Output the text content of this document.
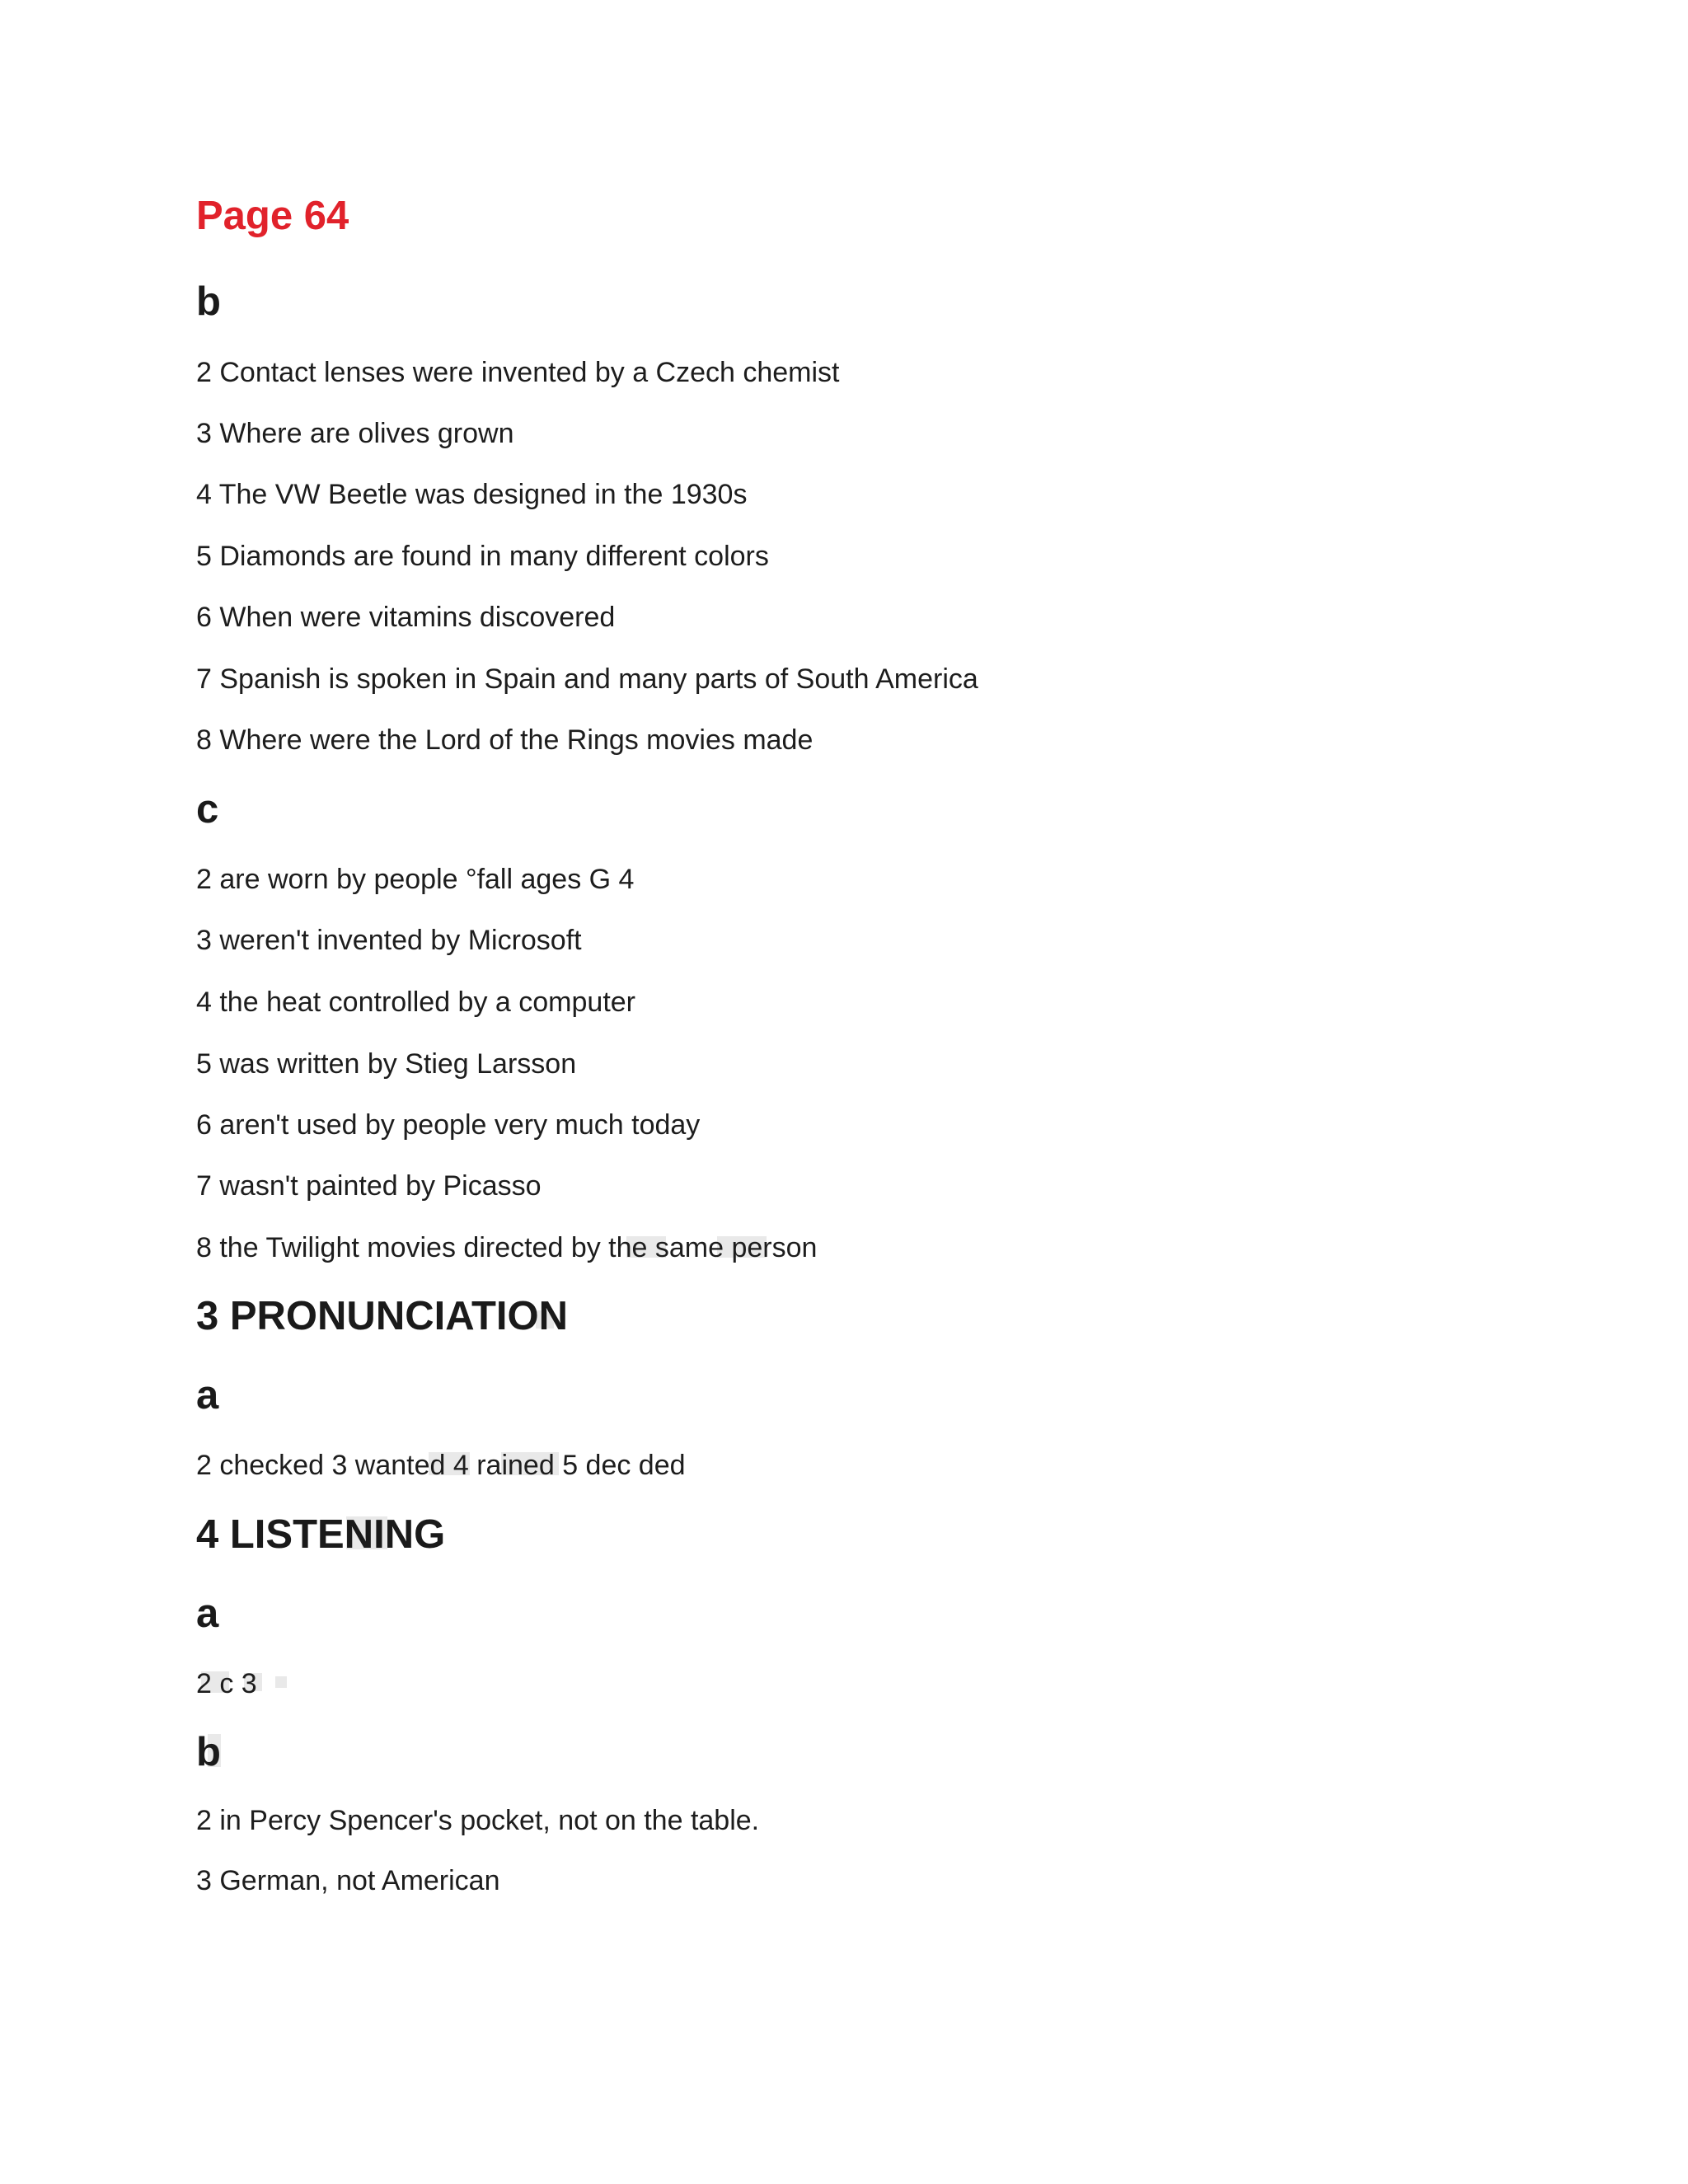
Page 64
b

2 Contact lenses were invented by a Czech chemist

3 Where are olives grown

4 The VW Beetle was designed in the 1930s

5 Diamonds are found in many different colors

6 When were vitamins discovered

7 Spanish is spoken in Spain and many parts of South America

8 Where were the Lord of the Rings movies made

c

2 are worn by people °fall ages G 4

3 weren't invented by Microsoft

4 the heat controlled by a computer

5 was written by Stieg Larsson

6 aren't used by people very much today

7 wasn't painted by Picasso

8 the Twilight movies directed by the same person

3 PRONUNCIATION
a

2 checked 3 wanted 4 rained 5 dec ded

4 LISTENING
a

2 c 3

b

2 in Percy Spencer's pocket, not on the table.

3 German, not American
